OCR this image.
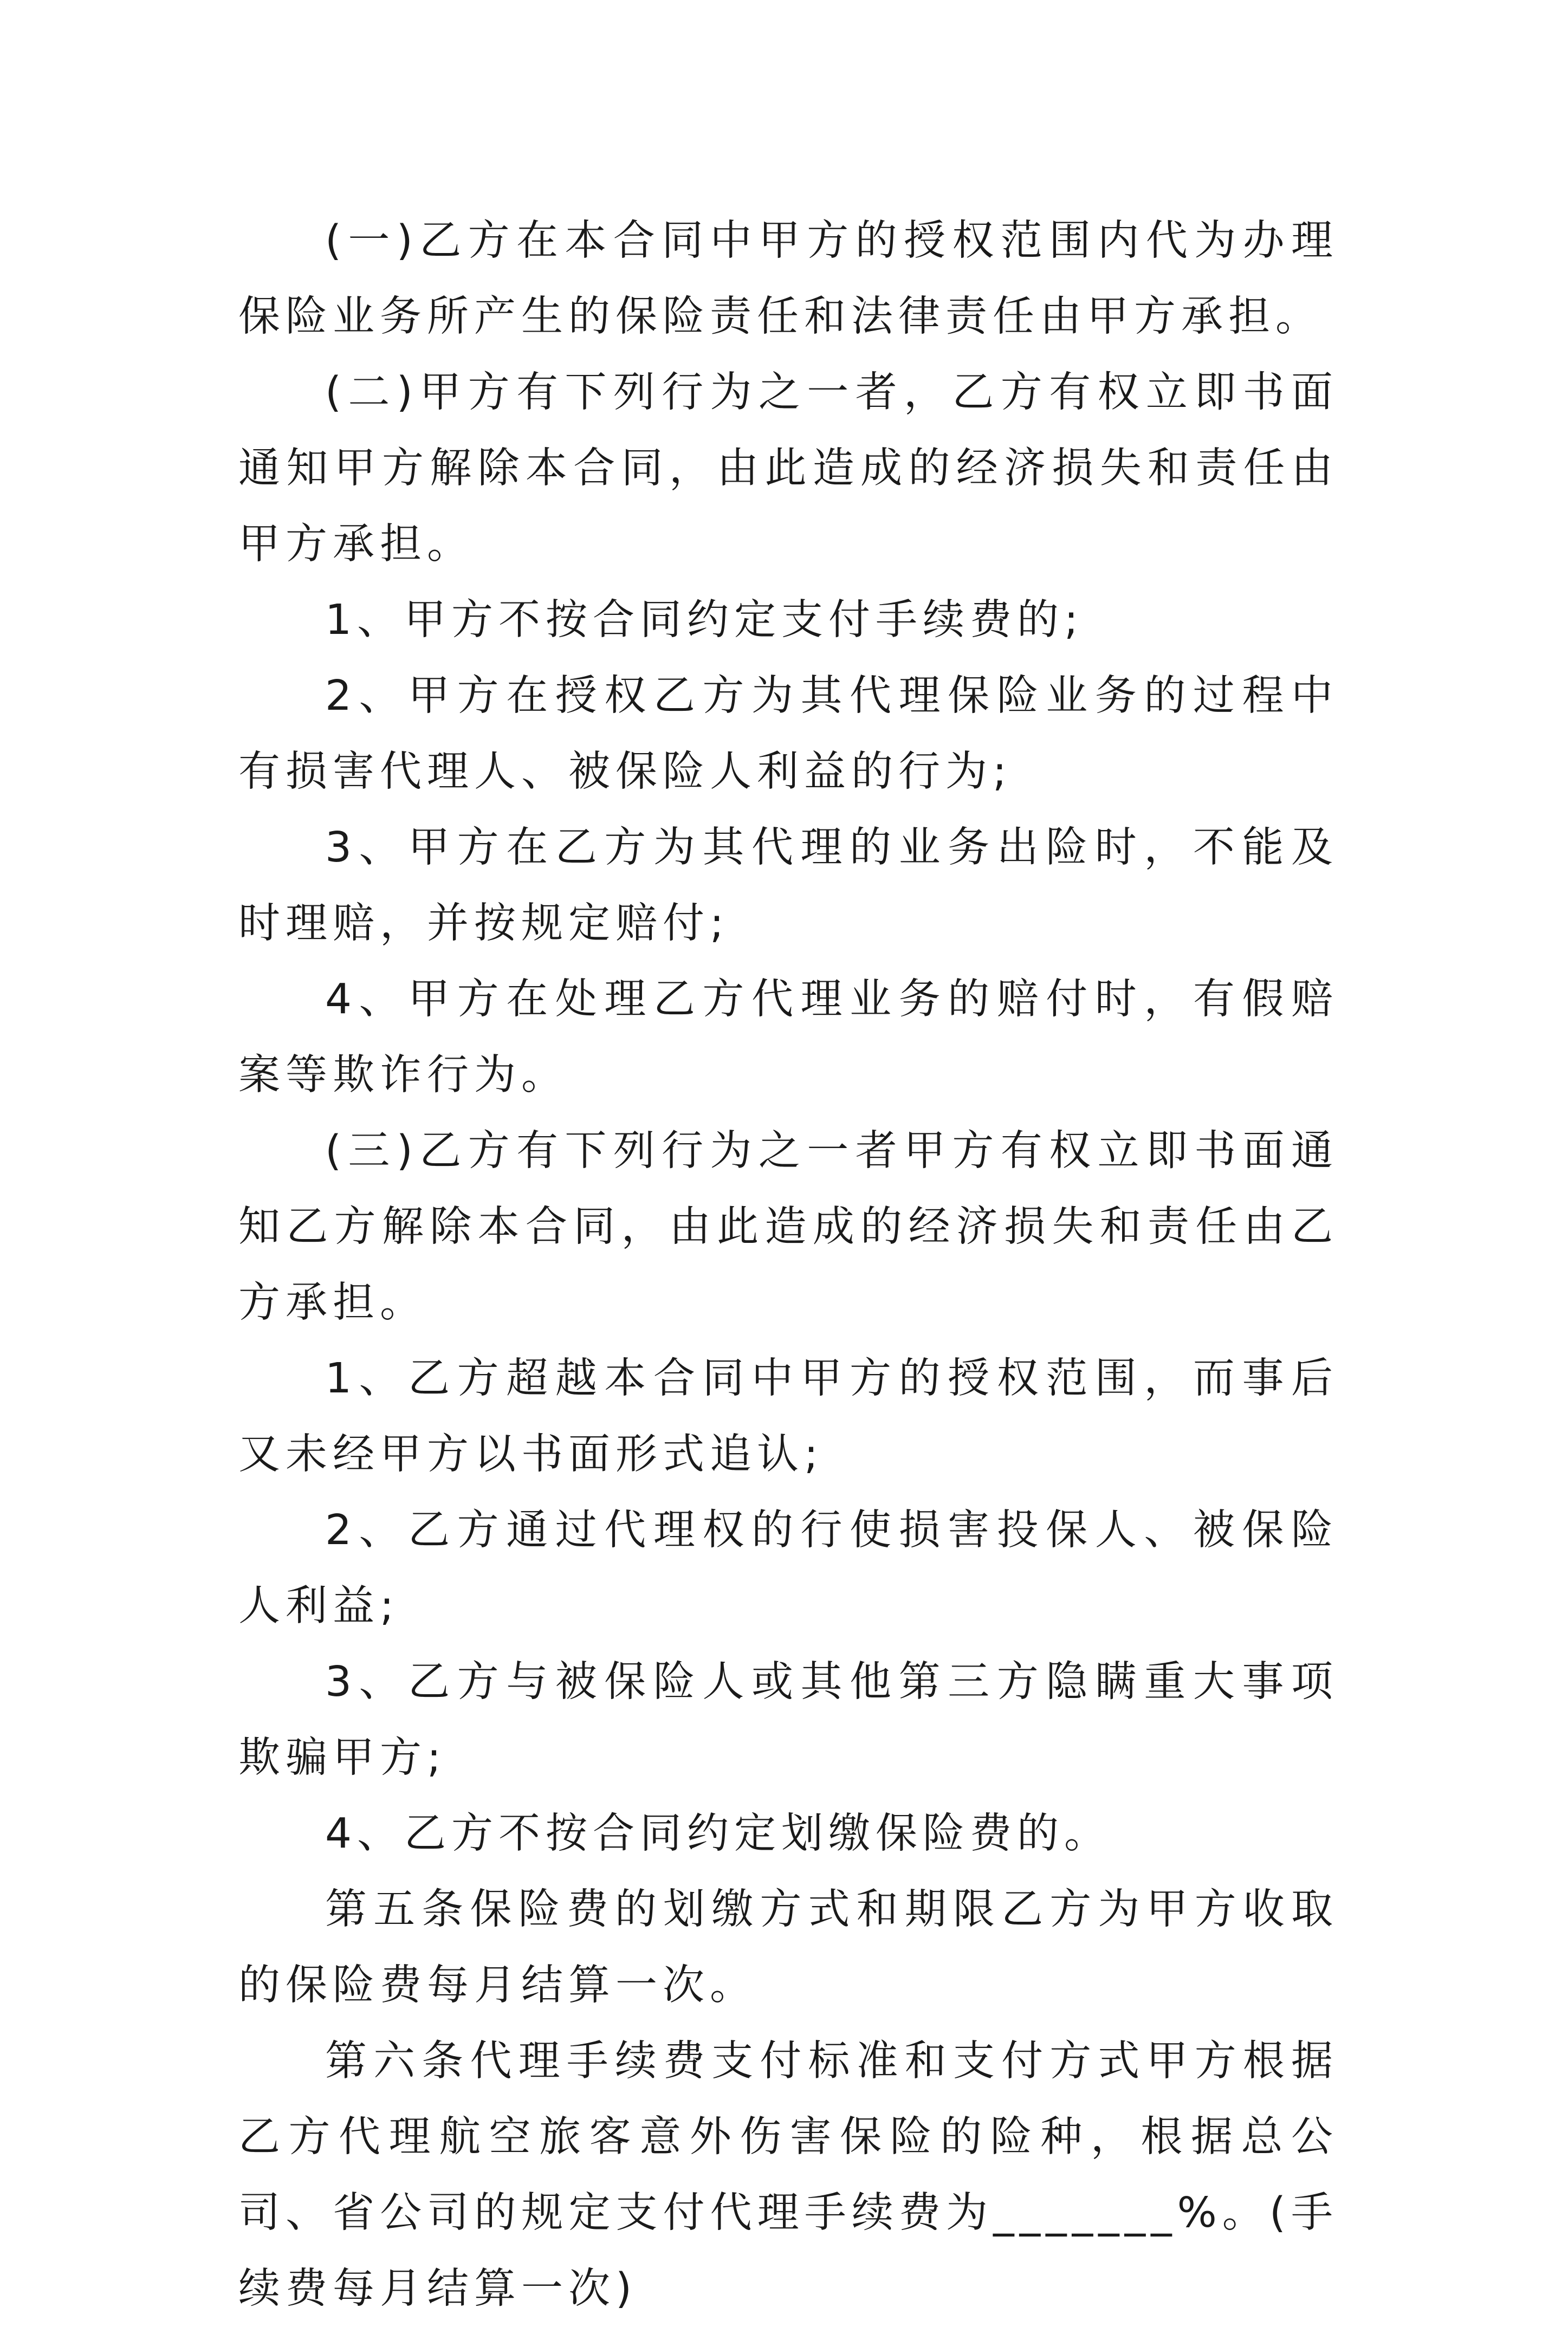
(一)乙方在本合同中甲方的授权范围内代为办理保险业务所产生的保险责任和法律责任由甲方承担。

(二)甲方有下列行为之一者，乙方有权立即书面通知甲方解除本合同，由此造成的经济损失和责任由甲方承担。

1、甲方不按合同约定支付手续费的;

2、甲方在授权乙方为其代理保险业务的过程中有损害代理人、被保险人利益的行为;

3、甲方在乙方为其代理的业务出险时，不能及时理赔，并按规定赔付;

4、甲方在处理乙方代理业务的赔付时，有假赔案等欺诈行为。

(三)乙方有下列行为之一者甲方有权立即书面通知乙方解除本合同，由此造成的经济损失和责任由乙方承担。

1、乙方超越本合同中甲方的授权范围，而事后又未经甲方以书面形式追认;

2、乙方通过代理权的行使损害投保人、被保险人利益;

3、乙方与被保险人或其他第三方隐瞒重大事项欺骗甲方;

4、乙方不按合同约定划缴保险费的。

第五条保险费的划缴方式和期限乙方为甲方收取的保险费每月结算一次。

第六条代理手续费支付标准和支付方式甲方根据乙方代理航空旅客意外伤害保险的险种，根据总公司、省公司的规定支付代理手续费为_______%。(手续费每月结算一次)
